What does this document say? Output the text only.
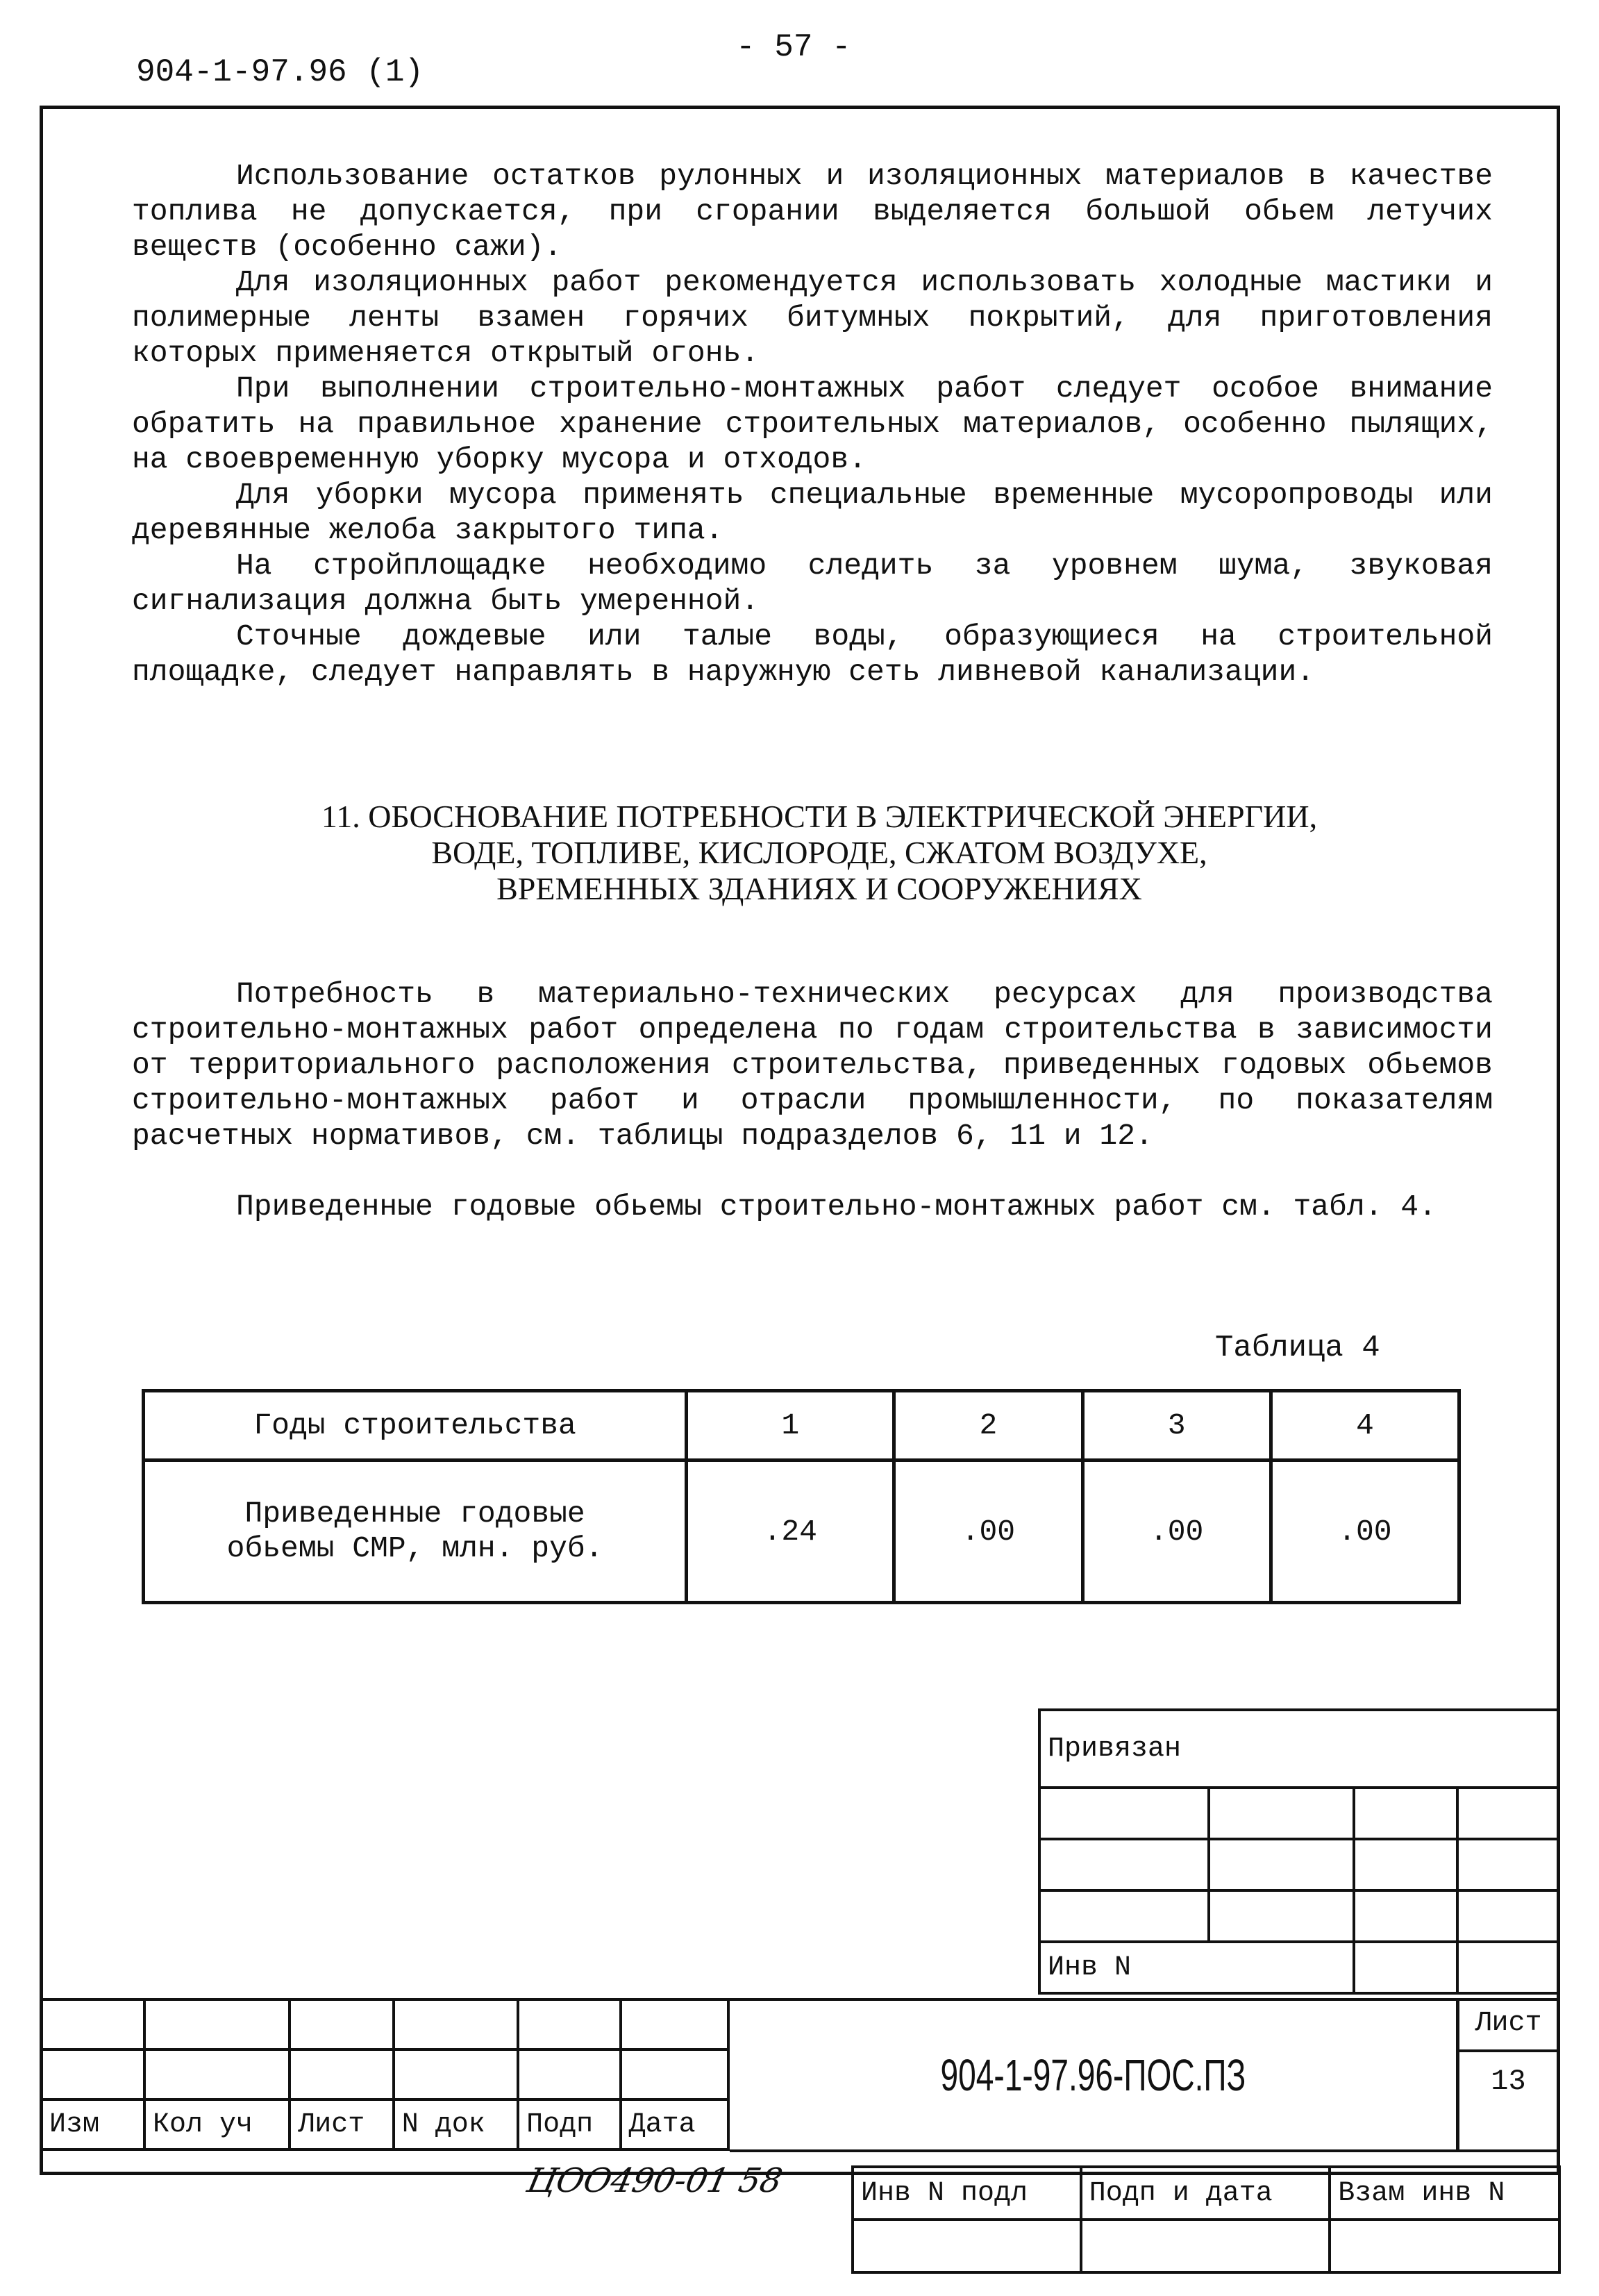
904-1-97.96 (1)
- 57 -

Использование остатков рулонных и изоляционных материалов в качестве топлива не допускается, при сгорании выделяется большой обьем летучих веществ (особенно сажи).

Для изоляционных работ рекомендуется использовать холодные мастики и полимерные ленты взамен горячих битумных покрытий, для приготовления которых применяется открытый огонь.

При выполнении строительно-монтажных работ следует особое внимание обратить на правильное хранение строительных материалов, особенно пылящих, на своевременную уборку мусора и отходов.

Для уборки мусора применять специальные временные мусоропроводы или деревянные желоба закрытого типа.

На стройплощадке необходимо следить за уровнем шума, звуковая сигнализация должна быть умеренной.

Сточные дождевые или талые воды, образующиеся на строительной площадке, следует направлять в наружную сеть ливневой канализации.

11. ОБОСНОВАНИЕ ПОТРЕБНОСТИ В ЭЛЕКТРИЧЕСКОЙ ЭНЕРГИИ,
ВОДЕ, ТОПЛИВЕ, КИСЛОРОДЕ, СЖАТОМ ВОЗДУХЕ,
ВРЕМЕННЫХ ЗДАНИЯХ И СООРУЖЕНИЯХ

Потребность в материально-технических ресурсах для производства строительно-монтажных работ определена по годам строительства в зависимости от территориального расположения строительства, приведенных годовых обьемов строительно-монтажных работ и отрасли промышленности, по показателям расчетных нормативов, см. таблицы подразделов 6, 11 и 12.

Приведенные годовые обьемы строительно-монтажных работ см. табл. 4.

Таблица 4
Годы строительства	1	2	3	4

Приведенные годовые
обьемы СМР, млн. руб.	.24	.00	.00	.00
Привязан			

Инв N			

Изм	Кол уч	Лист	N док	Подп	Дата
904-1-97.96-ПОС.ПЗ
Лист
13
ЦОО490-01 58	Инв N подл	Подп и дата	Взам инв N
